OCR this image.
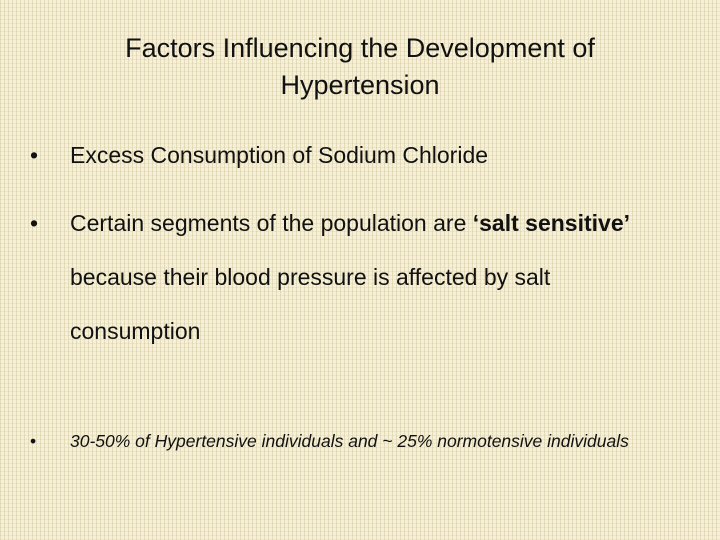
Factors Influencing the Development of Hypertension
• Excess Consumption of Sodium Chloride
• Certain segments of the population are ‘salt sensitive’ because their blood pressure is affected by salt consumption
• 30-50% of Hypertensive individuals and ~ 25% normotensive individuals
